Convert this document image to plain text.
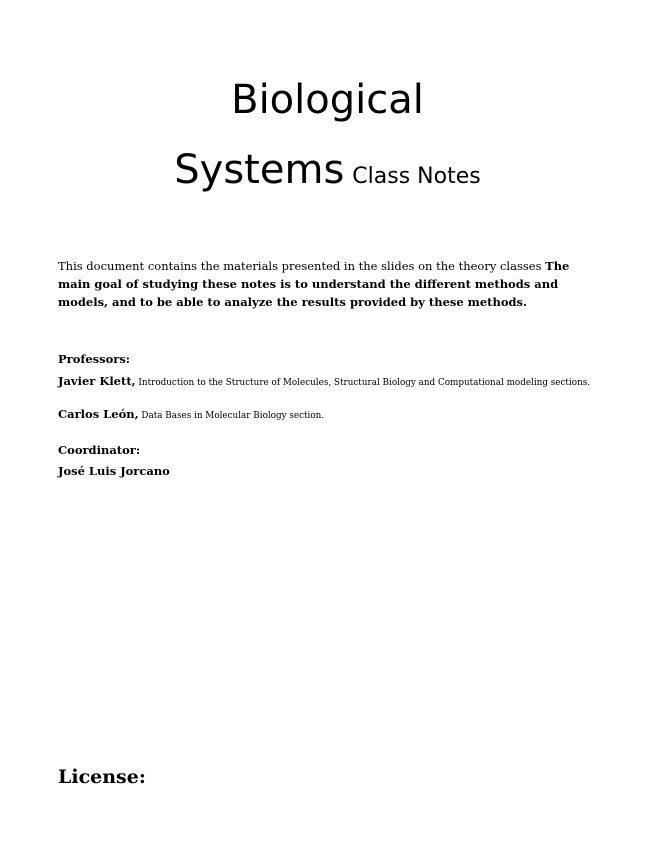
Biological
Systems Class Notes

This document contains the materials presented in the slides on the theory classes The main goal of studying these notes is to understand the different methods and models, and to be able to analyze the results provided by these methods.

Professors:
Javier Klett, Introduction to the Structure of Molecules, Structural Biology and Computational modeling sections.
Carlos León, Data Bases in Molecular Biology section.
Coordinator:
José Luis Jorcano
License:
